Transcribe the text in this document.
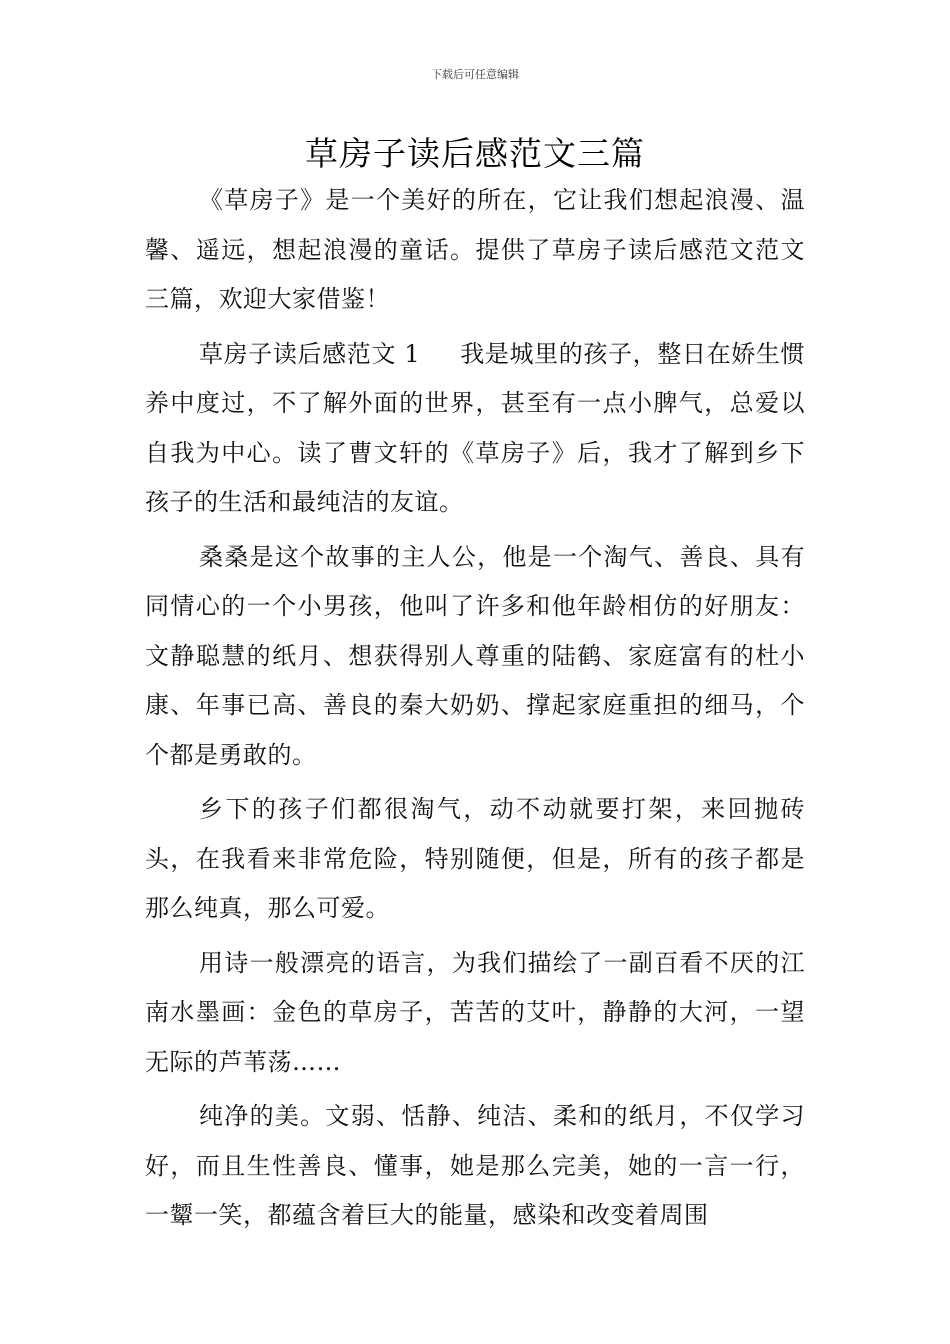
下载后可任意编辑
草房子读后感范文三篇

《草房子》是一个美好的所在，它让我们想起浪漫、温馨、遥远，想起浪漫的童话。提供了草房子读后感范文范文三篇，欢迎大家借鉴！

草房子读后感范文 1 我是城里的孩子，整日在娇生惯养中度过，不了解外面的世界，甚至有一点小脾气，总爱以自我为中心。读了曹文轩的《草房子》后，我才了解到乡下孩子的生活和最纯洁的友谊。

桑桑是这个故事的主人公，他是一个淘气、善良、具有同情心的一个小男孩，他叫了许多和他年龄相仿的好朋友：文静聪慧的纸月、想获得别人尊重的陆鹤、家庭富有的杜小康、年事已高、善良的秦大奶奶、撑起家庭重担的细马，个个都是勇敢的。

乡下的孩子们都很淘气，动不动就要打架，来回抛砖头，在我看来非常危险，特别随便，但是，所有的孩子都是那么纯真，那么可爱。

用诗一般漂亮的语言，为我们描绘了一副百看不厌的江南水墨画：金色的草房子，苦苦的艾叶，静静的大河，一望无际的芦苇荡……

纯净的美。文弱、恬静、纯洁、柔和的纸月，不仅学习好，而且生性善良、懂事，她是那么完美，她的一言一行，一颦一笑，都蕴含着巨大的能量，感染和改变着周围
